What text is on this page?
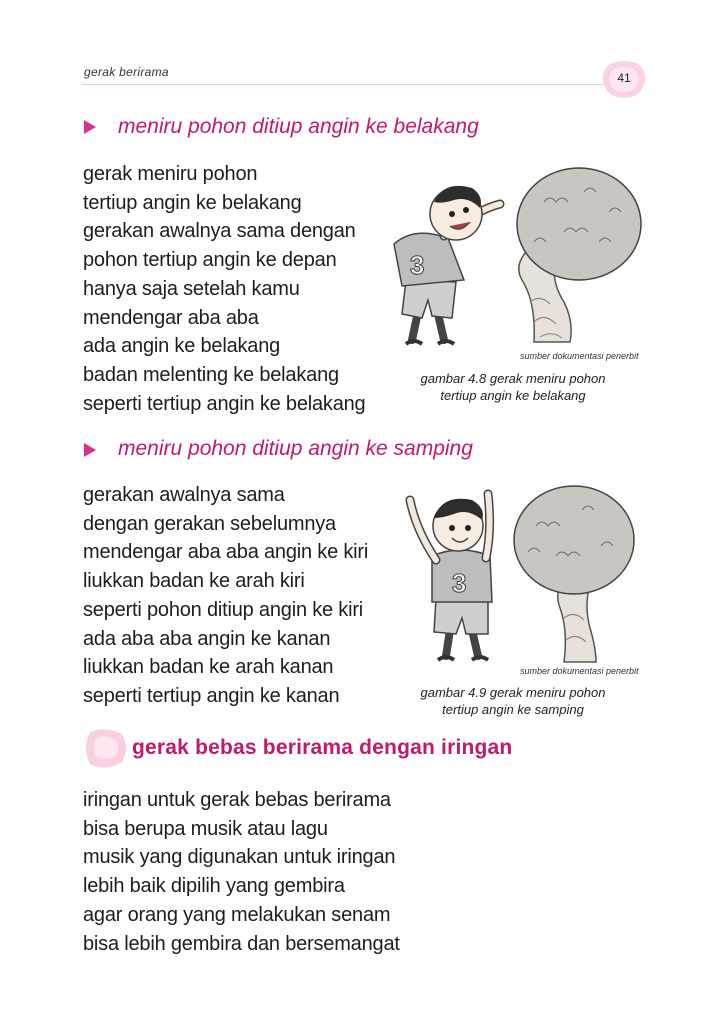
gerak berirama	41
meniru pohon ditiup angin ke belakang
gerak meniru pohon
tertiup angin ke belakang
gerakan awalnya sama dengan
pohon tertiup angin ke depan
hanya saja setelah kamu
mendengar aba aba
ada angin ke belakang
badan melenting ke belakang
seperti tertiup angin ke belakang
3
sumber dokumentasi penerbit
gambar 4.8 gerak meniru pohon
tertiup angin ke belakang
meniru pohon ditiup angin ke samping
gerakan awalnya sama
dengan gerakan sebelumnya
mendengar aba aba angin ke kiri
liukkan badan ke arah kiri
seperti pohon ditiup angin ke kiri
ada aba aba angin ke kanan
liukkan badan ke arah kanan
seperti tertiup angin ke kanan
3
sumber dokumentasi penerbit
gambar 4.9 gerak meniru pohon
tertiup angin ke samping
gerak bebas berirama dengan iringan
iringan untuk gerak bebas berirama
bisa berupa musik atau lagu
musik yang digunakan untuk iringan
lebih baik dipilih yang gembira
agar orang yang melakukan senam
bisa lebih gembira dan bersemangat
